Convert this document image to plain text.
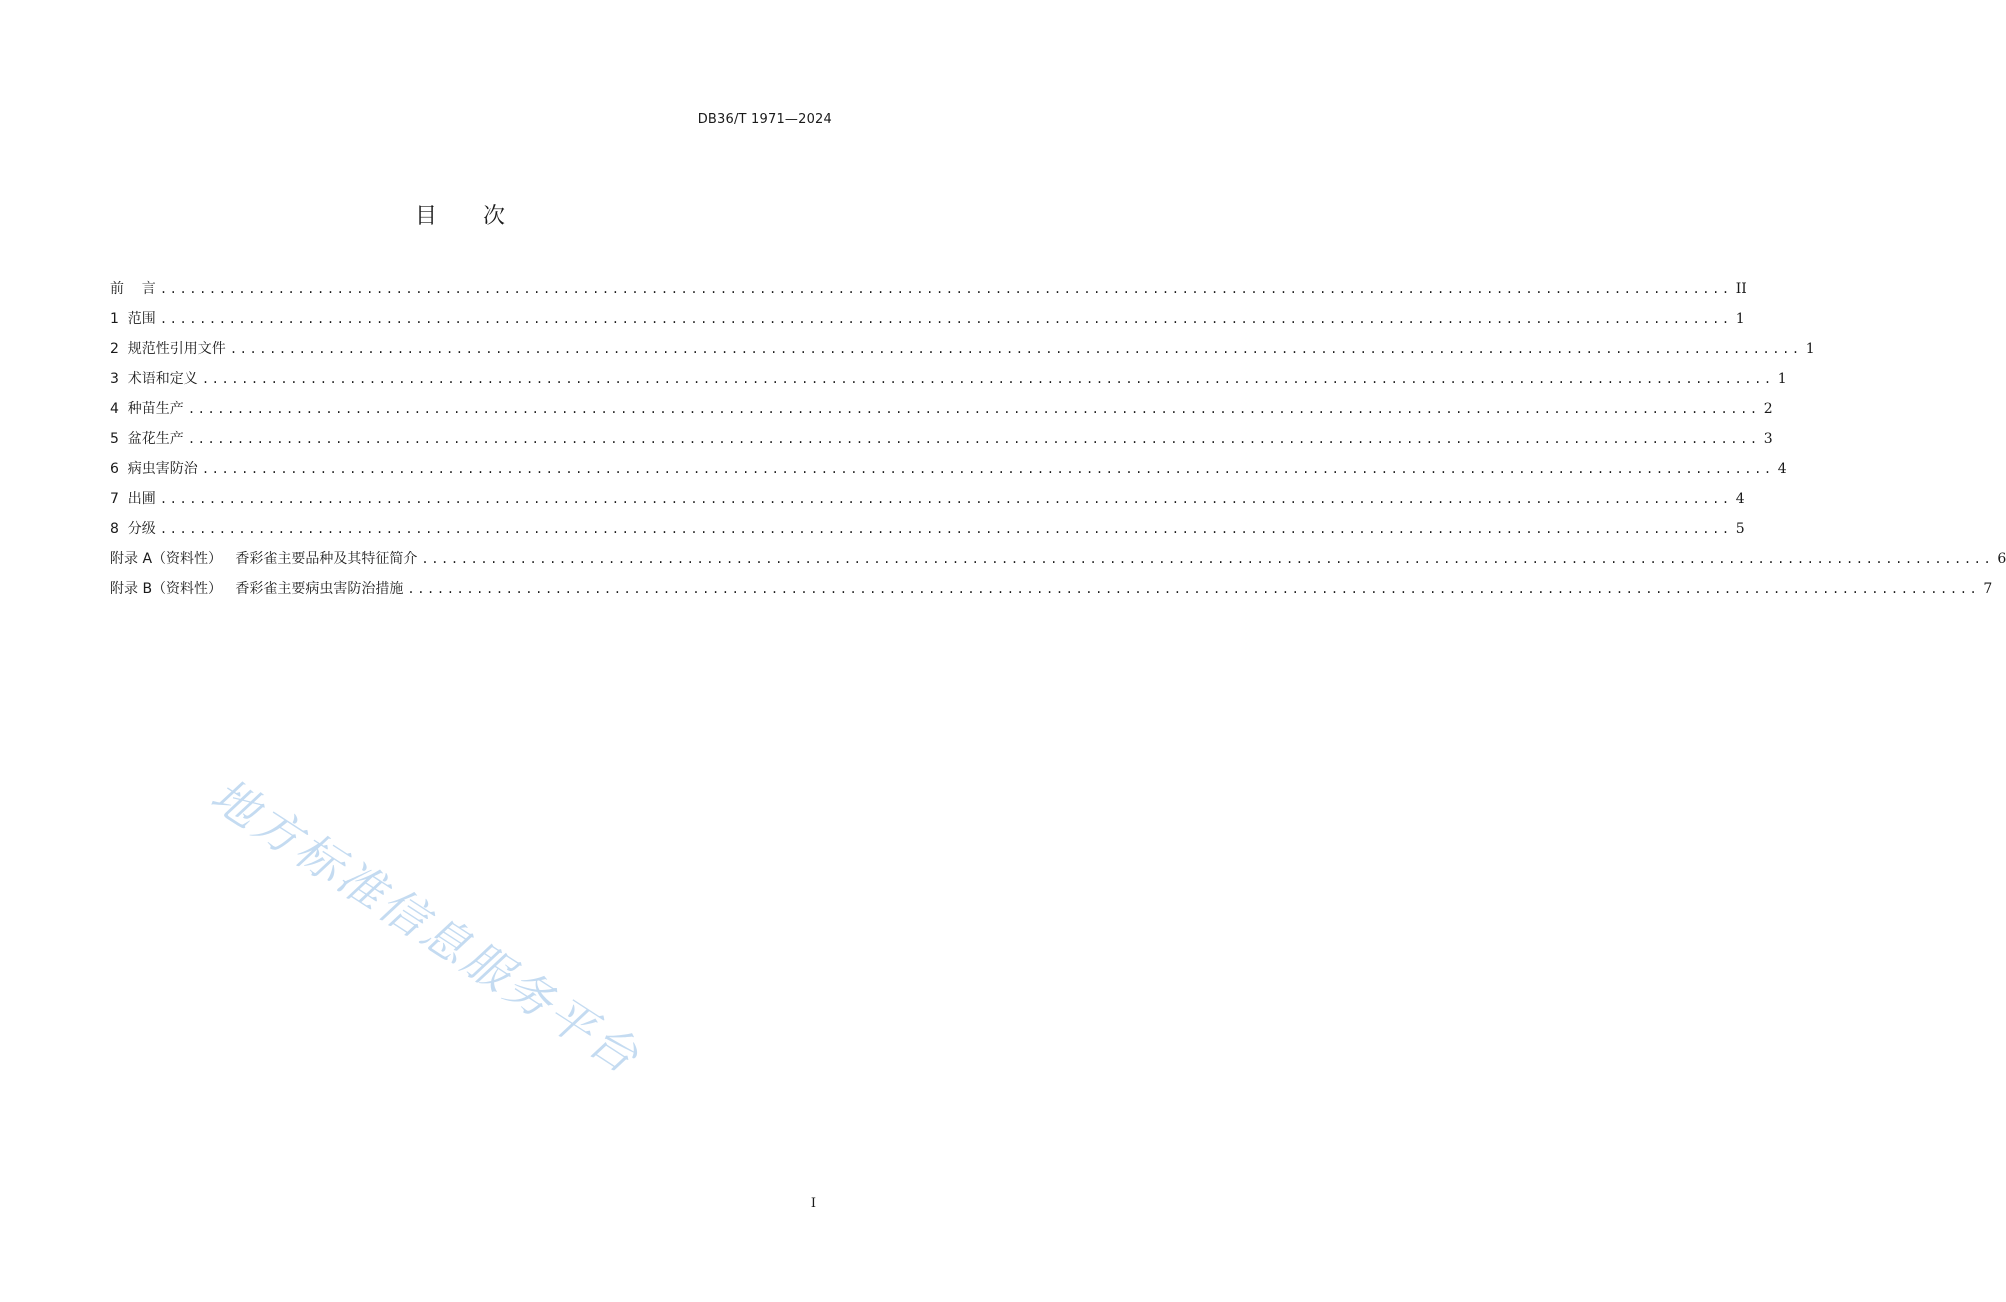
DB36/T 1971—2024
目 次
前    言 ................................................................................................................................................................ II
1  范围 ................................................................................................................................................................ 1
2  规范性引用文件 ................................................................................................................................................................ 1
3  术语和定义 ................................................................................................................................................................ 1
4  种苗生产 ................................................................................................................................................................ 2
5  盆花生产 ................................................................................................................................................................ 3
6  病虫害防治 ................................................................................................................................................................ 4
7  出圃 ................................................................................................................................................................ 4
8  分级 ................................................................................................................................................................ 5
附录 A（资料性）   香彩雀主要品种及其特征简介 ................................................................................................................................................................ 6
附录 B（资料性）   香彩雀主要病虫害防治措施 ................................................................................................................................................................ 7
地方标准信息服务平台
I
